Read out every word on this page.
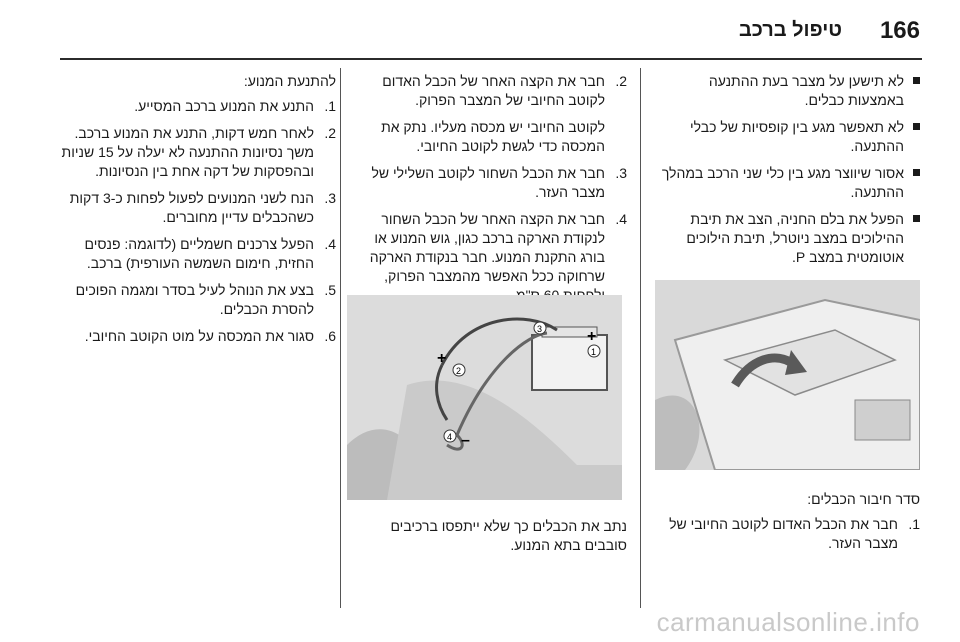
166
טיפול ברכב
לא תישען על מצבר בעת ההתנעה באמצעות כבלים.
לא תאפשר מגע בין קופסיות של כבלי ההתנעה.
אסור שיווצר מגע בין כלי שני הרכב במהלך ההתנעה.
הפעל את בלם החניה, הצב את תיבת ההילוכים במצב ניוטרל, תיבת הילוכים אוטומטית במצב P.
סדר חיבור הכבלים:
1.
חבר את הכבל האדום לקוטב החיובי של מצבר העזר.
2.
חבר את הקצה האחר של הכבל האדום לקוטב החיובי של המצבר הפרוק.
לקוטב החיובי יש מכסה מעליו. נתק את המכסה כדי לגשת לקוטב החיובי.
3.
חבר את הכבל השחור לקוטב השלילי של מצבר העזר.
4.
חבר את הקצה האחר של הכבל השחור לנקודת הארקה ברכב כגון, גוש המנוע או בורג התקנת המנוע. חבר בנקודת הארקה שרחוקה ככל האפשר מהמצבר הפרוק,
1
2
3
4
+
+
–
נתב את הכבלים כך שלא ייתפסו ברכיבים סובבים בתא המנוע.
להתנעת המנוע:
1.
התנע את המנוע ברכב המסייע.
2.
לאחר חמש דקות, התנע את המנוע ברכב. משך נסיונות ההתנעה לא יעלה על 15 שניות ובהפסקות של דקה אחת בין הנסיונות.
3.
הנח לשני המנועים לפעול לפחות כ-3 דקות כשהכבלים עדיין מחוברים.
4.
הפעל צרכנים חשמליים (לדוגמה: פנסים החזית, חימום השמשה העורפית) ברכב.
5.
בצע את הנוהל לעיל בסדר ומגמה הפוכים להסרת הכבלים.
6.
סגור את המכסה על מוט הקוטב החיובי.
carmanualsonline.info
